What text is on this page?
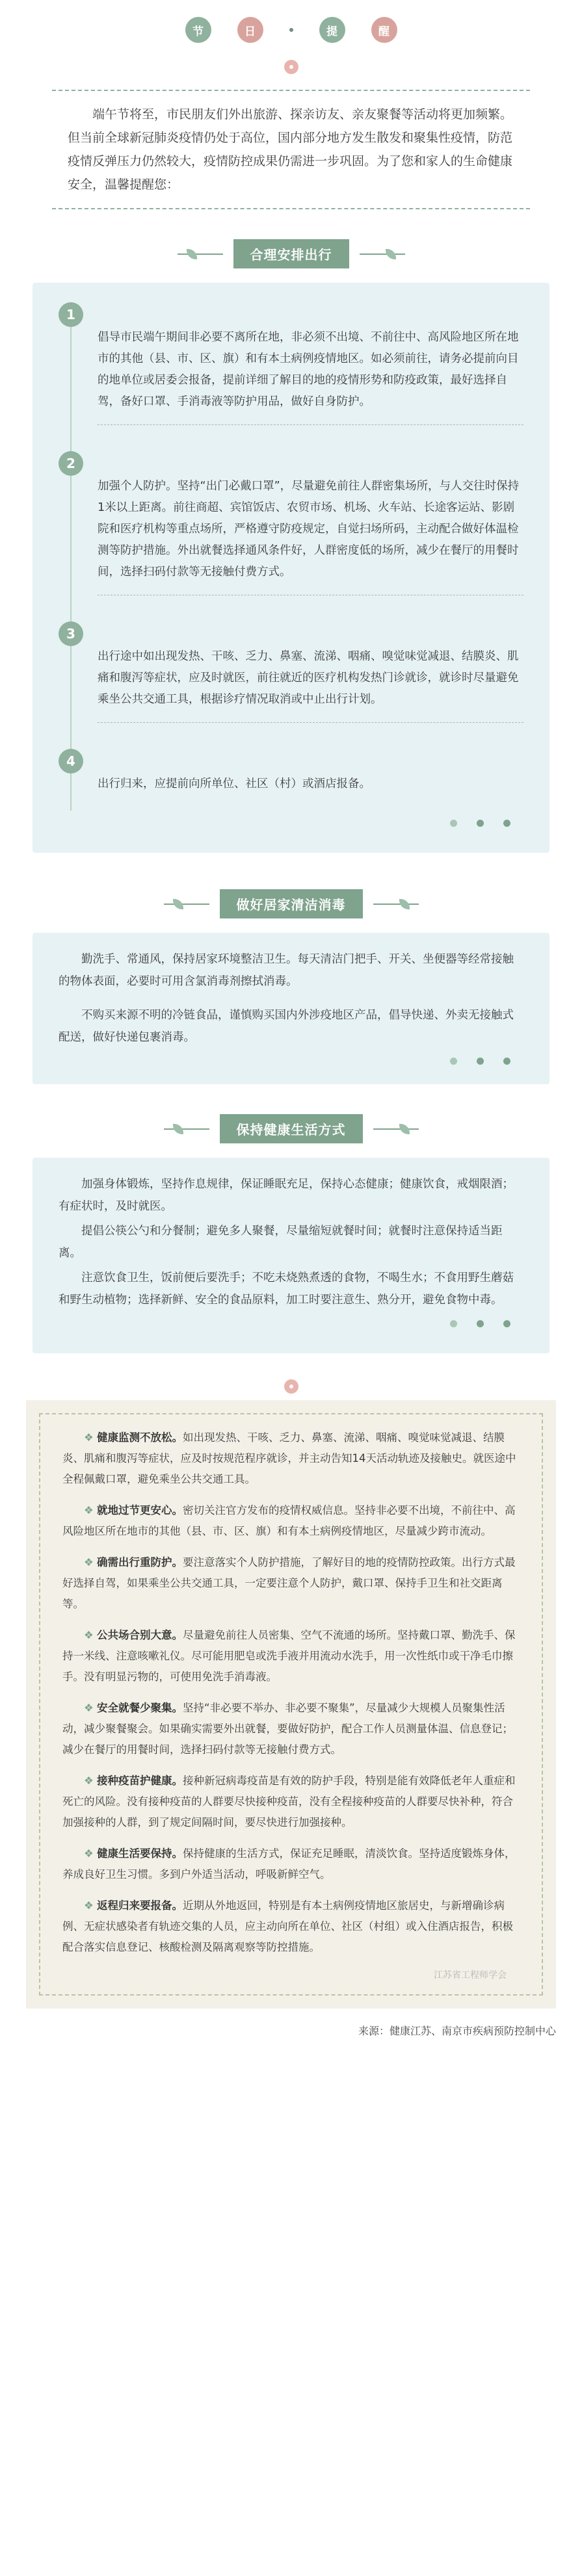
节	日	提	醒

端午节将至，市民朋友们外出旅游、探亲访友、亲友聚餐等活动将更加频繁。但当前全球新冠肺炎疫情仍处于高位，国内部分地方发生散发和聚集性疫情，防范疫情反弹压力仍然较大，疫情防控成果仍需进一步巩固。为了您和家人的生命健康安全，温馨提醒您：

合理安排出行
1

倡导市民端午期间非必要不离所在地，非必须不出境、不前往中、高风险地区所在地市的其他（县、市、区、旗）和有本土病例疫情地区。如必须前往，请务必提前向目的地单位或居委会报备，提前详细了解目的地的疫情形势和防疫政策，最好选择自驾，备好口罩、手消毒液等防护用品，做好自身防护。

2

加强个人防护。坚持“出门必戴口罩”，尽量避免前往人群密集场所，与人交往时保持1米以上距离。前往商超、宾馆饭店、农贸市场、机场、火车站、长途客运站、影剧院和医疗机构等重点场所，严格遵守防疫规定，自觉扫场所码，主动配合做好体温检测等防护措施。外出就餐选择通风条件好，人群密度低的场所，减少在餐厅的用餐时间，选择扫码付款等无接触付费方式。

3

出行途中如出现发热、干咳、乏力、鼻塞、流涕、咽痛、嗅觉味觉减退、结膜炎、肌痛和腹泻等症状，应及时就医，前往就近的医疗机构发热门诊就诊，就诊时尽量避免乘坐公共交通工具，根据诊疗情况取消或中止出行计划。

4

出行归来，应提前向所单位、社区（村）或酒店报备。

做好居家清洁消毒

勤洗手、常通风，保持居家环境整洁卫生。每天清洁门把手、开关、坐便器等经常接触的物体表面，必要时可用含氯消毒剂擦拭消毒。

不购买来源不明的冷链食品，谨慎购买国内外涉疫地区产品，倡导快递、外卖无接触式配送，做好快递包裹消毒。

保持健康生活方式

加强身体锻炼，坚持作息规律，保证睡眠充足，保持心态健康；健康饮食，戒烟限酒；有症状时，及时就医。

提倡公筷公勺和分餐制；避免多人聚餐，尽量缩短就餐时间；就餐时注意保持适当距离。

注意饮食卫生，饭前便后要洗手；不吃未烧熟煮透的食物，不喝生水；不食用野生蘑菇和野生动植物；选择新鲜、安全的食品原料，加工时要注意生、熟分开，避免食物中毒。

❖ 健康监测不放松。如出现发热、干咳、乏力、鼻塞、流涕、咽痛、嗅觉味觉减退、结膜炎、肌痛和腹泻等症状，应及时按规范程序就诊，并主动告知14天活动轨迹及接触史。就医途中全程佩戴口罩，避免乘坐公共交通工具。

❖ 就地过节更安心。密切关注官方发布的疫情权威信息。坚持非必要不出境，不前往中、高风险地区所在地市的其他（县、市、区、旗）和有本土病例疫情地区，尽量减少跨市流动。

❖ 确需出行重防护。要注意落实个人防护措施，了解好目的地的疫情防控政策。出行方式最好选择自驾，如果乘坐公共交通工具，一定要注意个人防护，戴口罩、保持手卫生和社交距离等。

❖ 公共场合别大意。尽量避免前往人员密集、空气不流通的场所。坚持戴口罩、勤洗手、保持一米线、注意咳嗽礼仪。尽可能用肥皂或洗手液并用流动水洗手，用一次性纸巾或干净毛巾擦手。没有明显污物的，可使用免洗手消毒液。

❖ 安全就餐少聚集。坚持“非必要不举办、非必要不聚集”，尽量减少大规模人员聚集性活动，减少聚餐聚会。如果确实需要外出就餐，要做好防护，配合工作人员测量体温、信息登记；减少在餐厅的用餐时间，选择扫码付款等无接触付费方式。

❖ 接种疫苗护健康。接种新冠病毒疫苗是有效的防护手段，特别是能有效降低老年人重症和死亡的风险。没有接种疫苗的人群要尽快接种疫苗，没有全程接种疫苗的人群要尽快补种，符合加强接种的人群，到了规定间隔时间，要尽快进行加强接种。

❖ 健康生活要保持。保持健康的生活方式，保证充足睡眠，清淡饮食。坚持适度锻炼身体，养成良好卫生习惯。多到户外适当活动，呼吸新鲜空气。

❖ 返程归来要报备。近期从外地返回，特别是有本土病例疫情地区旅居史，与新增确诊病例、无症状感染者有轨迹交集的人员，应主动向所在单位、社区（村组）或入住酒店报告，积极配合落实信息登记、核酸检测及隔离观察等防控措施。

江苏省工程师学会
来源：健康江苏、南京市疾病预防控制中心
